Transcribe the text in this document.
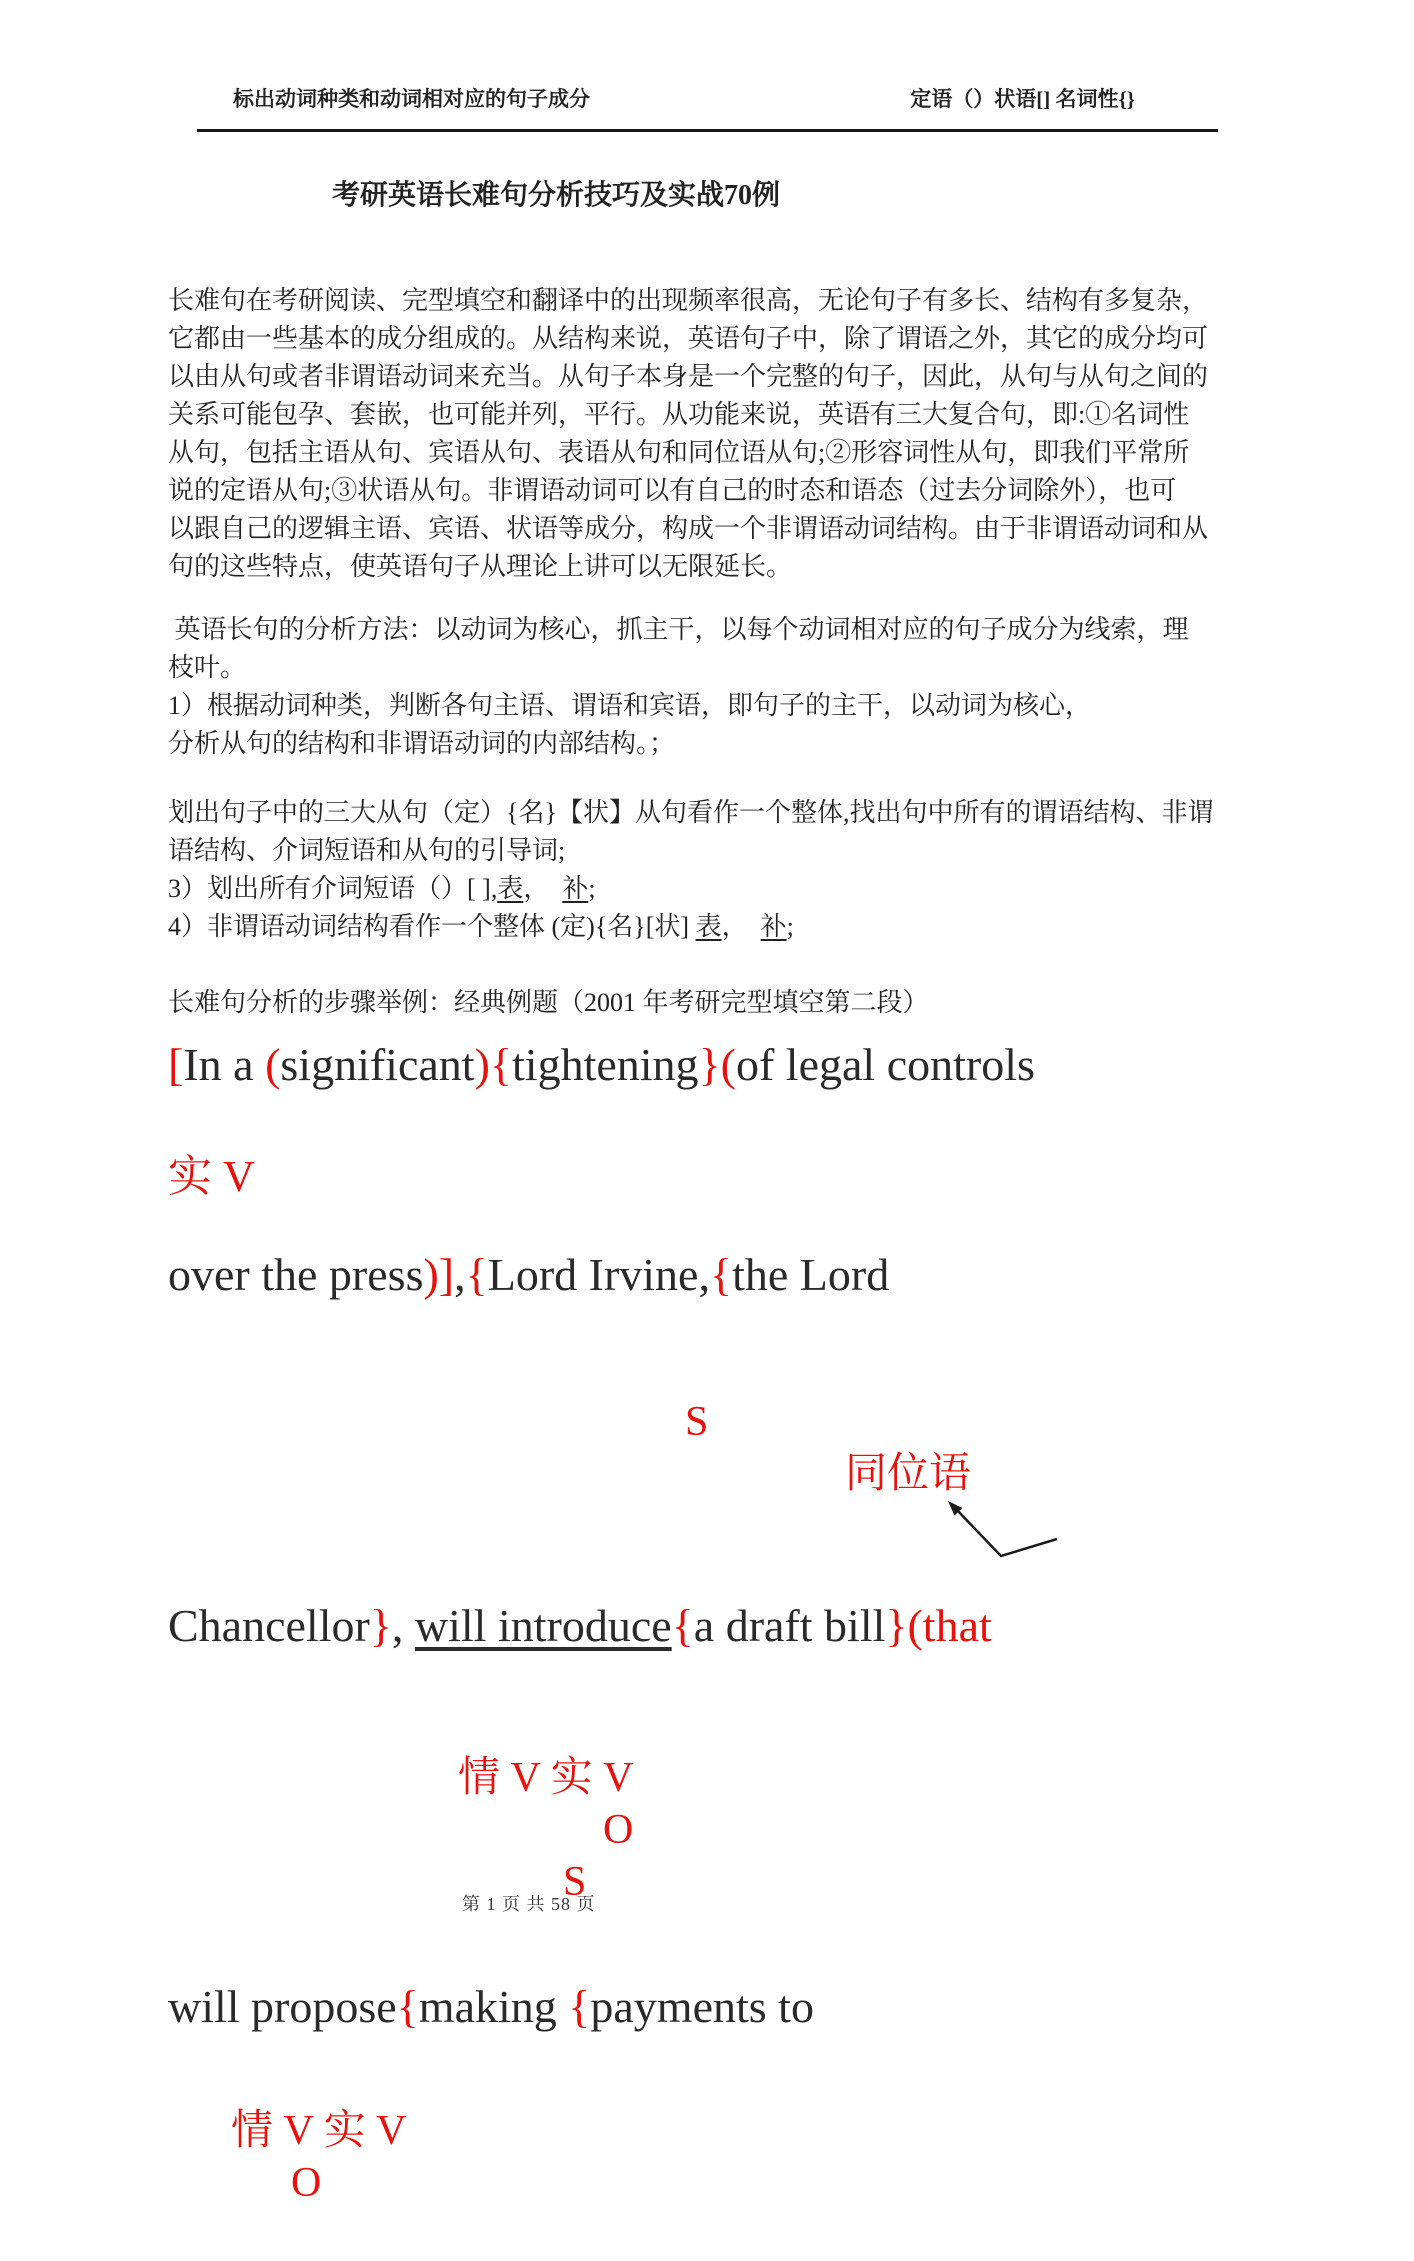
标出动词种类和动词相对应的句子成分	定语（）状语[] 名词性{}
考研英语长难句分析技巧及实战70例
长难句在考研阅读、完型填空和翻译中的出现频率很高，无论句子有多长、结构有多复杂，
它都由一些基本的成分组成的。从结构来说，英语句子中，除了谓语之外，其它的成分均可
以由从句或者非谓语动词来充当。从句子本身是一个完整的句子，因此，从句与从句之间的
关系可能包孕、套嵌，也可能并列，平行。从功能来说，英语有三大复合句，即:①名词性
从句，包括主语从句、宾语从句、表语从句和同位语从句;②形容词性从句，即我们平常所
说的定语从句;③状语从句。非谓语动词可以有自己的时态和语态（过去分词除外），也可
以跟自己的逻辑主语、宾语、状语等成分，构成一个非谓语动词结构。由于非谓语动词和从
句的这些特点，使英语句子从理论上讲可以无限延长。
英语长句的分析方法：以动词为核心，抓主干，以每个动词相对应的句子成分为线索，理
枝叶。
1）根据动词种类，判断各句主语、谓语和宾语，即句子的主干，以动词为核心，
分析从句的结构和非谓语动词的内部结构。；
划出句子中的三大从句（定）{名}【状】从句看作一个整体,找出句中所有的谓语结构、非谓
语结构、介词短语和从句的引导词;
3）划出所有介词短语（）[ ],表，  补;
4）非谓语动词结构看作一个整体 (定){名}[状] 表，  补;
长难句分析的步骤举例：经典例题（2001 年考研完型填空第二段）
[In a (significant){tightening}(of legal controls
实 V
over the press)],{Lord Irvine,{the Lord

S
同位语

Chancellor}, will introduce{a draft bill}(that

情 V 实 V
O
S

will propose{making {payments to

情 V 实 V
O

第 1 页 共 58 页
